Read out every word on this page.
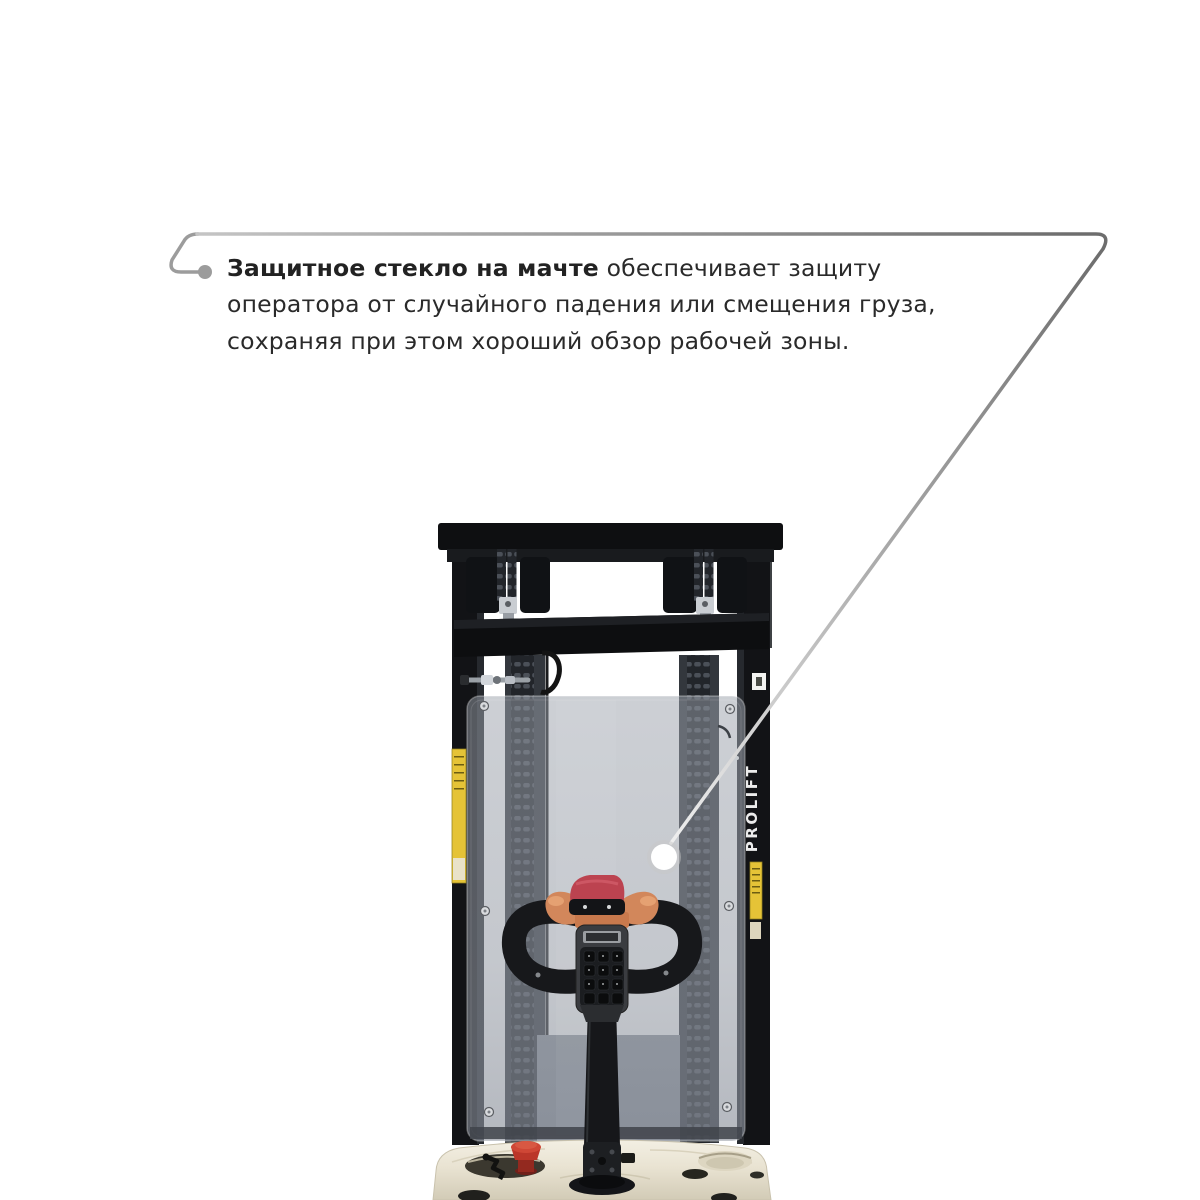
PROLIFT
Защитное стекло на мачте обеспечивает защиту
оператора от случайного падения или смещения груза,
сохраняя при этом хороший обзор рабочей зоны.
